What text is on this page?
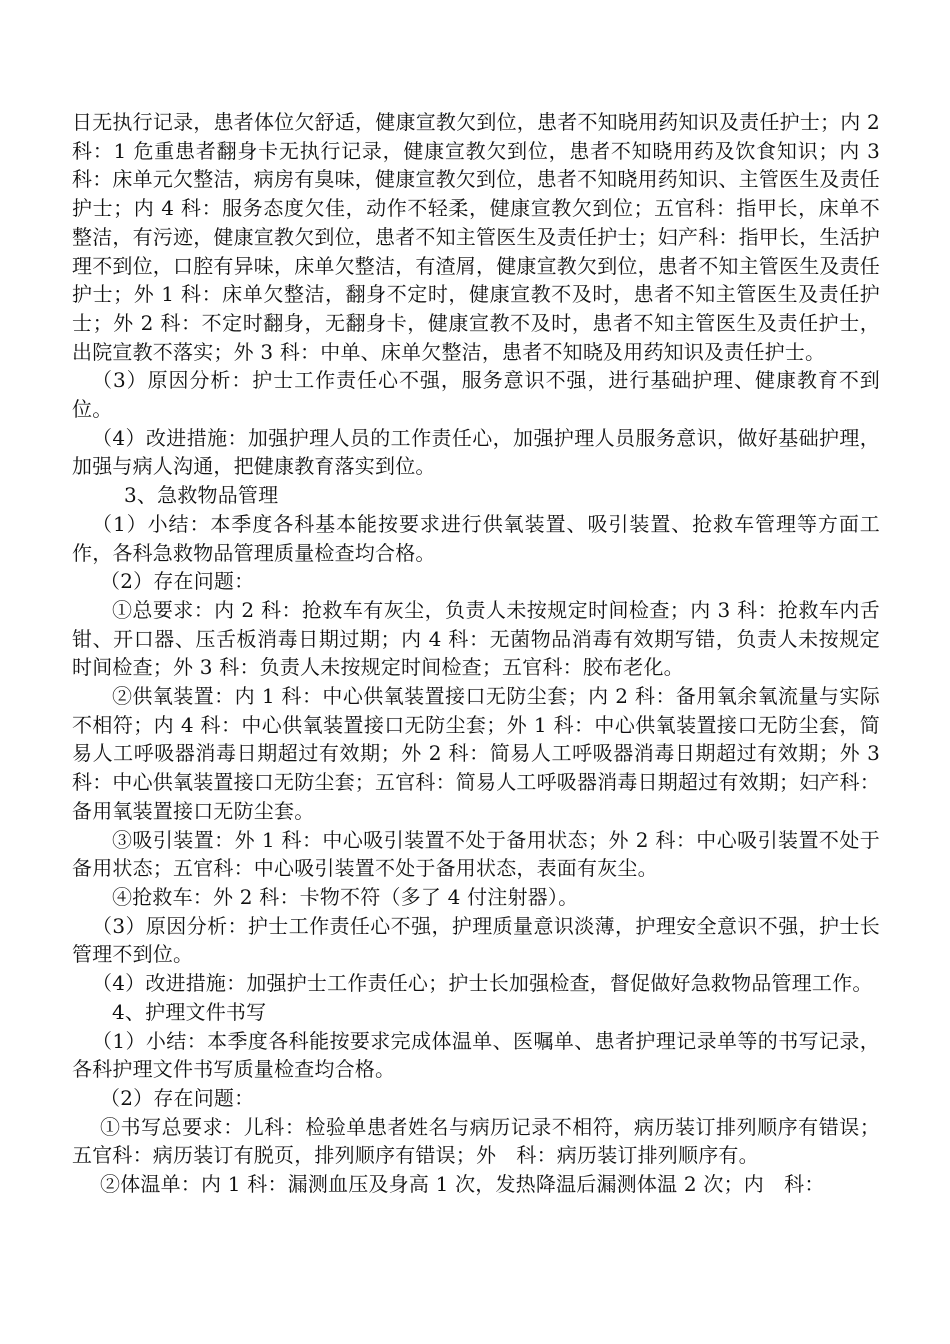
日无执行记录，患者体位欠舒适，健康宣教欠到位，患者不知晓用药知识及责任护士；内 2 科：1 危重患者翻身卡无执行记录，健康宣教欠到位，患者不知晓用药及饮食知识；内 3 科：床单元欠整洁，病房有臭味，健康宣教欠到位，患者不知晓用药知识、主管医生及责任护士；内 4 科：服务态度欠佳，动作不轻柔，健康宣教欠到位；五官科：指甲长，床单不整洁，有污迹，健康宣教欠到位，患者不知主管医生及责任护士；妇产科：指甲长，生活护理不到位，口腔有异味，床单欠整洁，有渣屑，健康宣教欠到位，患者不知主管医生及责任护士；外 1 科：床单欠整洁，翻身不定时，健康宣教不及时，患者不知主管医生及责任护士；外 2 科：不定时翻身，无翻身卡，健康宣教不及时，患者不知主管医生及责任护士，出院宣教不落实；外 3 科：中单、床单欠整洁，患者不知晓及用药知识及责任护士。

（3）原因分析：护士工作责任心不强，服务意识不强，进行基础护理、健康教育不到位。

（4）改进措施：加强护理人员的工作责任心，加强护理人员服务意识，做好基础护理，加强与病人沟通，把健康教育落实到位。

3、急救物品管理

（1）小结：本季度各科基本能按要求进行供氧装置、吸引装置、抢救车管理等方面工作，各科急救物品管理质量检查均合格。

（2）存在问题：

①总要求：内 2 科：抢救车有灰尘，负责人未按规定时间检查；内 3 科：抢救车内舌钳、开口器、压舌板消毒日期过期；内 4 科：无菌物品消毒有效期写错，负责人未按规定时间检查；外 3 科：负责人未按规定时间检查；五官科：胶布老化。

②供氧装置：内 1 科：中心供氧装置接口无防尘套；内 2 科：备用氧余氧流量与实际不相符；内 4 科：中心供氧装置接口无防尘套；外 1 科：中心供氧装置接口无防尘套，简易人工呼吸器消毒日期超过有效期；外 2 科：简易人工呼吸器消毒日期超过有效期；外 3 科：中心供氧装置接口无防尘套；五官科：简易人工呼吸器消毒日期超过有效期；妇产科：备用氧装置接口无防尘套。

③吸引装置：外 1 科：中心吸引装置不处于备用状态；外 2 科：中心吸引装置不处于备用状态；五官科：中心吸引装置不处于备用状态，表面有灰尘。

④抢救车：外 2 科：卡物不符（多了 4 付注射器）。

（3）原因分析：护士工作责任心不强，护理质量意识淡薄，护理安全意识不强，护士长管理不到位。

（4）改进措施：加强护士工作责任心；护士长加强检查，督促做好急救物品管理工作。

4、护理文件书写

（1）小结：本季度各科能按要求完成体温单、医嘱单、患者护理记录单等的书写记录，各科护理文件书写质量检查均合格。

（2）存在问题：

①书写总要求：儿科：检验单患者姓名与病历记录不相符，病历装订排列顺序有错误；五官科：病历装订有脱页，排列顺序有错误；外　科：病历装订排列顺序有。

②体温单：内 1 科：漏测血压及身高 1 次，发热降温后漏测体温 2 次；内　科：
